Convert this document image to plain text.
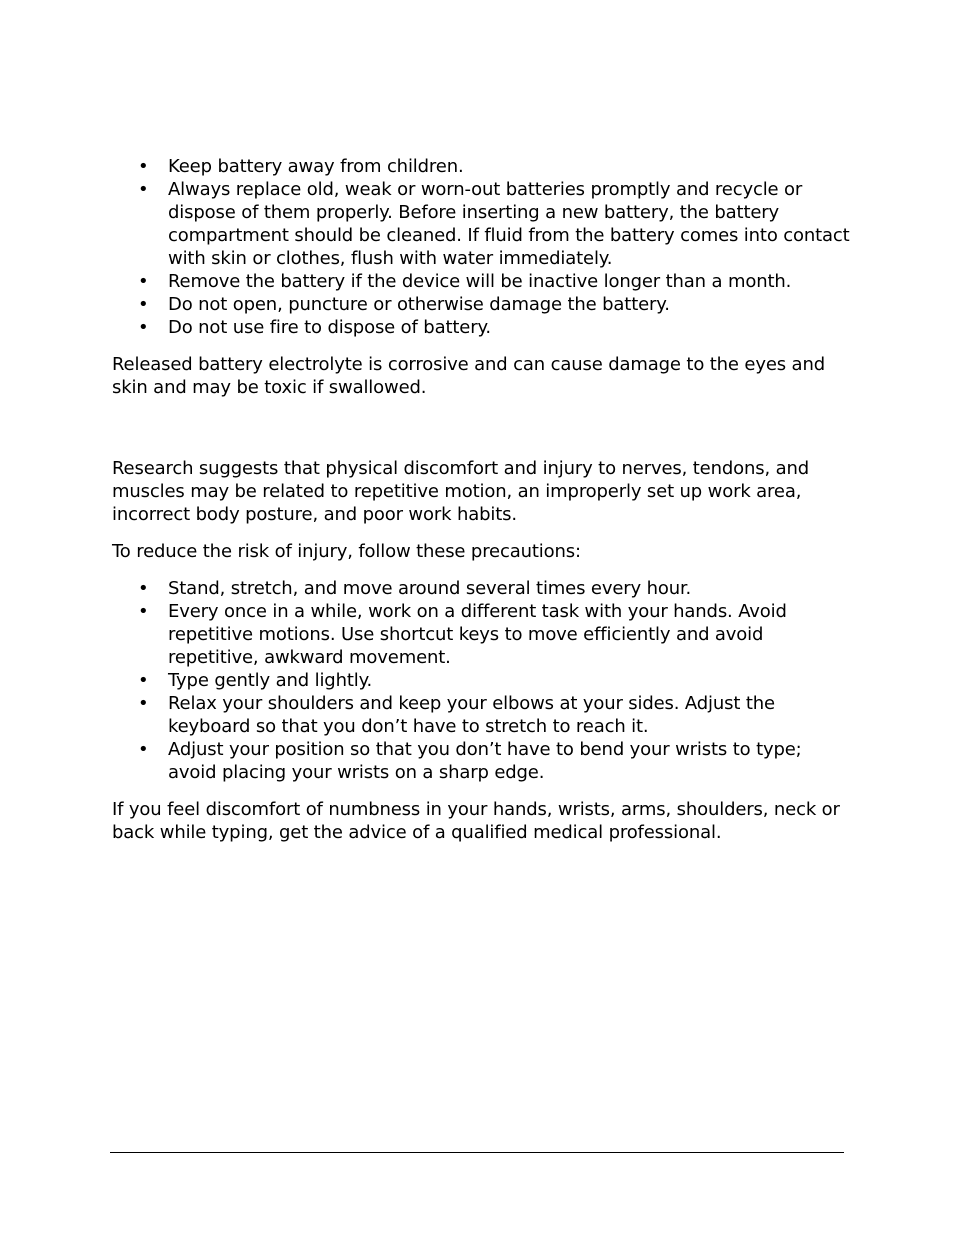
• Keep battery away from children.
• Always replace old, weak or worn-out batteries promptly and recycle or dispose of them properly. Before inserting a new battery, the battery compartment should be cleaned. If fluid from the battery comes into contact with skin or clothes, flush with water immediately.
• Remove the battery if the device will be inactive longer than a month.
• Do not open, puncture or otherwise damage the battery.
• Do not use fire to dispose of battery.

Released battery electrolyte is corrosive and can cause damage to the eyes and skin and may be toxic if swallowed.

Research suggests that physical discomfort and injury to nerves, tendons, and muscles may be related to repetitive motion, an improperly set up work area, incorrect body posture, and poor work habits.

To reduce the risk of injury, follow these precautions:

• Stand, stretch, and move around several times every hour.
• Every once in a while, work on a different task with your hands. Avoid repetitive motions. Use shortcut keys to move efficiently and avoid repetitive, awkward movement.
• Type gently and lightly.
• Relax your shoulders and keep your elbows at your sides. Adjust the keyboard so that you don’t have to stretch to reach it.
• Adjust your position so that you don’t have to bend your wrists to type; avoid placing your wrists on a sharp edge.

If you feel discomfort of numbness in your hands, wrists, arms, shoulders, neck or back while typing, get the advice of a qualified medical professional.
